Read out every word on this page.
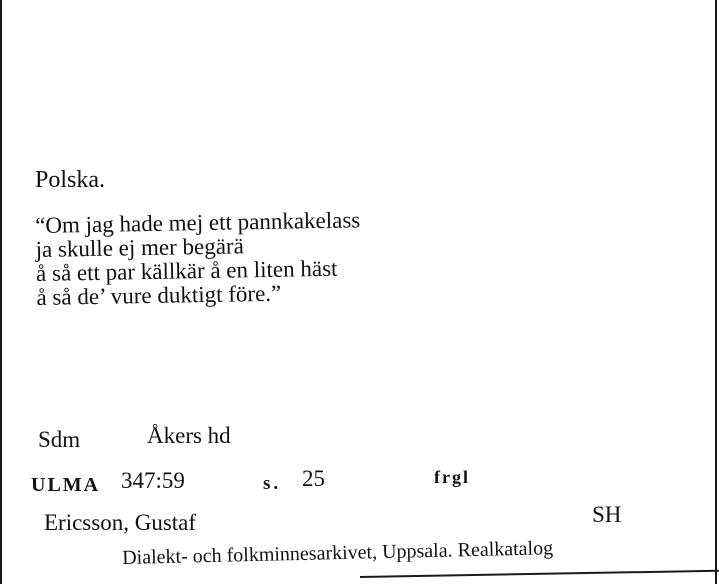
Polska.
“Om jag hade mej ett pannkakelass
ja skulle ej mer begärä
å så ett par källkär å en liten häst
å så de’ vure duktigt före.”
Sdm	Åkers hd
ULMA 347:59	s. 25	frgl
Ericsson, Gustaf	SH
Dialekt- och folkminnesarkivet, Uppsala. Realkatalog
